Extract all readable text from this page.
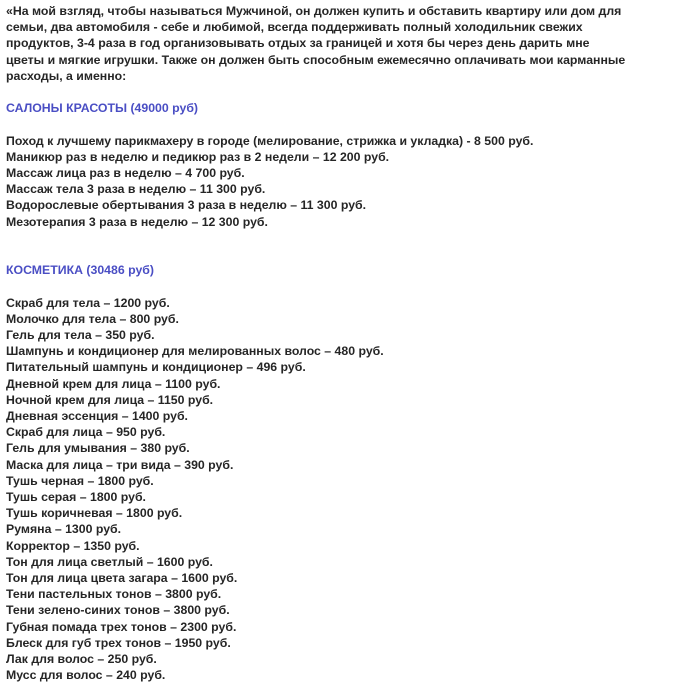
«На мой взгляд, чтобы называться Мужчиной, он должен купить и обставить квартиру или дом для
семьи, два автомобиля - себе и любимой, всегда поддерживать полный холодильник свежих
продуктов, 3-4 раза в год организовывать отдых за границей и хотя бы через день дарить мне
цветы и мягкие игрушки. Также он должен быть способным ежемесячно оплачивать мои карманные
расходы, а именно:
САЛОНЫ КРАСОТЫ (49000 руб)
Поход к лучшему парикмахеру в городе (мелирование, стрижка и укладка) - 8 500 руб.
Маникюр раз в неделю и педикюр раз в 2 недели – 12 200 руб.
Массаж лица раз в неделю – 4 700 руб.
Массаж тела 3 раза в неделю – 11 300 руб.
Водорослевые обертывания 3 раза в неделю – 11 300 руб.
Мезотерапия 3 раза в неделю – 12 300 руб.
КОСМЕТИКА (30486 руб)
Скраб для тела – 1200 руб.
Молочко для тела – 800 руб.
Гель для тела – 350 руб.
Шампунь и кондиционер для мелированных волос – 480 руб.
Питательный шампунь и кондиционер – 496 руб.
Дневной крем для лица – 1100 руб.
Ночной крем для лица – 1150 руб.
Дневная эссенция – 1400 руб.
Скраб для лица – 950 руб.
Гель для умывания – 380 руб.
Маска для лица – три вида – 390 руб.
Тушь черная – 1800 руб.
Тушь серая – 1800 руб.
Тушь коричневая – 1800 руб.
Румяна – 1300 руб.
Корректор – 1350 руб.
Тон для лица светлый – 1600 руб.
Тон для лица цвета загара – 1600 руб.
Тени пастельных тонов – 3800 руб.
Тени зелено-синих тонов – 3800 руб.
Губная помада трех тонов – 2300 руб.
Блеск для губ трех тонов – 1950 руб.
Лак для волос – 250 руб.
Мусс для волос – 240 руб.
